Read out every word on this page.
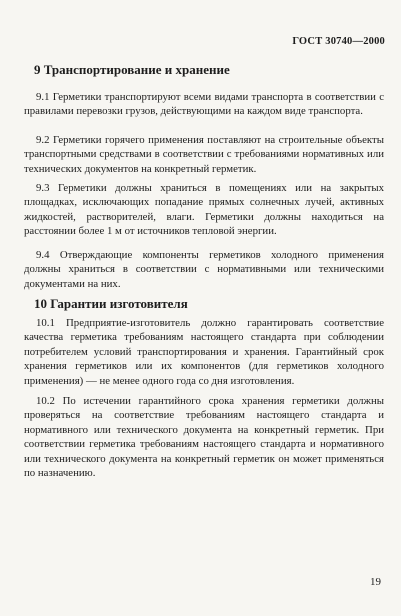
ГОСТ 30740—2000
9 Транспортирование и хранение

9.1 Герметики транспортируют всеми видами транспорта в соответствии с правилами перевозки грузов, действующими на каждом виде транспорта.

9.2 Герметики горячего применения поставляют на строительные объекты транспортными средствами в соответствии с требованиями нормативных или технических документов на конкретный герметик.

9.3 Герметики должны храниться в помещениях или на закрытых площадках, исключающих попадание прямых солнечных лучей, активных жидкостей, растворителей, влаги. Герметики должны находиться на расстоянии более 1 м от источников тепловой энергии.

9.4 Отверждающие компоненты герметиков холодного применения должны храниться в соответствии с нормативными или техническими документами на них.

10 Гарантии изготовителя

10.1 Предприятие-изготовитель должно гарантировать соответствие качества герметика требованиям настоящего стандарта при соблюдении потребителем условий транспортирования и хранения. Гарантийный срок хранения герметиков или их компонентов (для герметиков холодного применения) — не менее одного года со дня изготовления.

10.2 По истечении гарантийного срока хранения герметики должны проверяться на соответствие требованиям настоящего стандарта и нормативного или технического документа на конкретный герметик. При соответствии герметика требованиям настоящего стандарта и нормативного или технического документа на конкретный герметик он может применяться по назначению.

19
